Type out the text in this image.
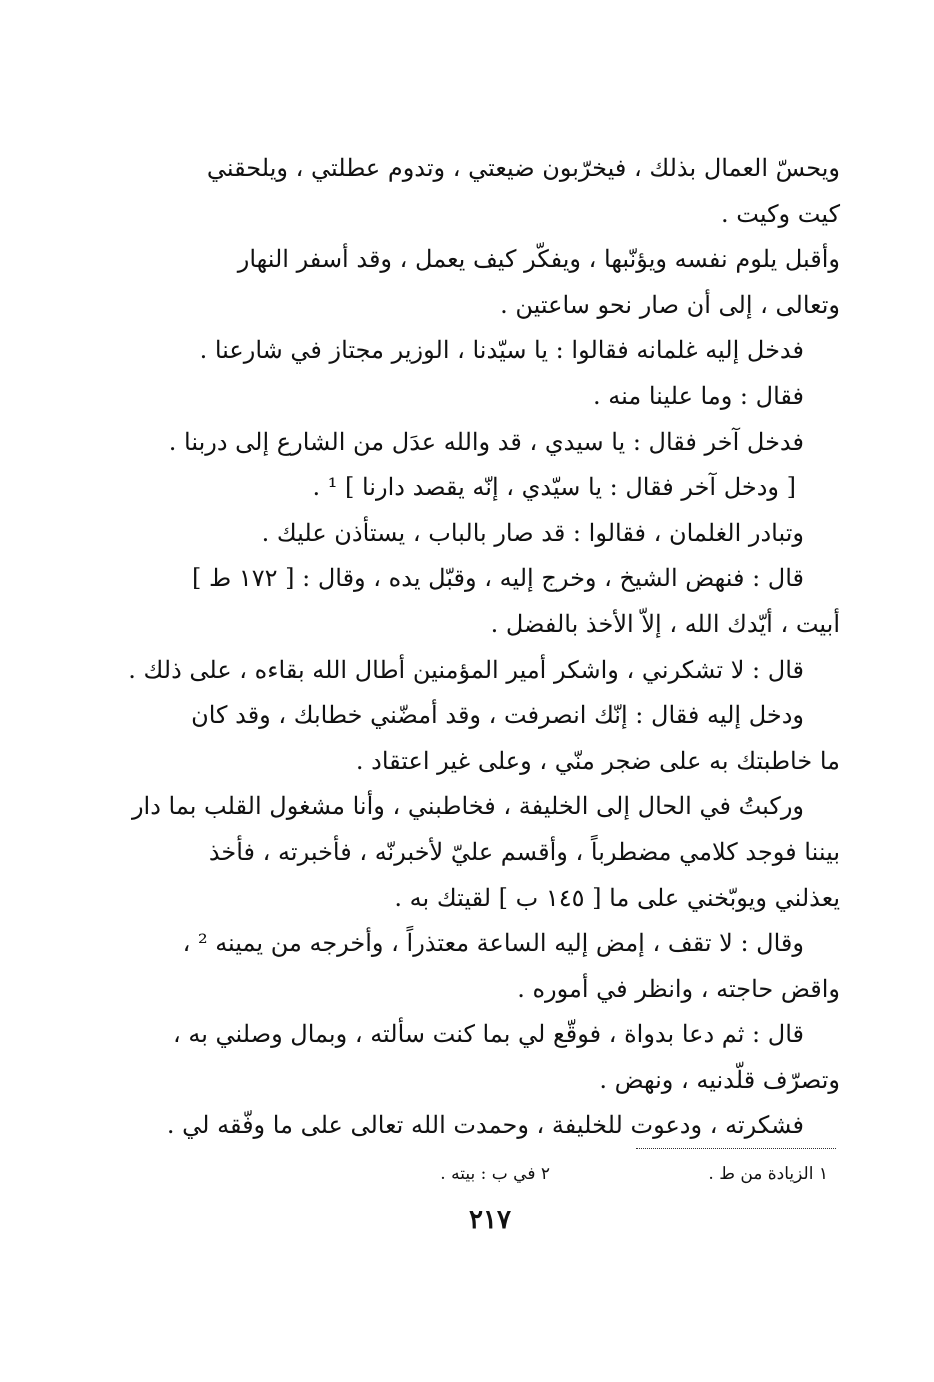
ويحسّ العمال بذلك ، فيخرّبون ضيعتي ، وتدوم عطلتي ، ويلحقني
كيت وكيت .
وأقبل يلوم نفسه ويؤنّبها ، ويفكّر كيف يعمل ، وقد أسفر النهار
وتعالى ، إلى أن صار نحو ساعتين .
فدخل إليه غلمانه فقالوا : يا سيّدنا ، الوزير مجتاز في شارعنا .
فقال : وما علينا منه .
فدخل آخر فقال : يا سيدي ، قد والله عدَل من الشارع إلى دربنا .
[ ودخل آخر فقال : يا سيّدي ، إنّه يقصد دارنا ] ¹ .
وتبادر الغلمان ، فقالوا : قد صار بالباب ، يستأذن عليك .
قال : فنهض الشيخ ، وخرج إليه ، وقبّل يده ، وقال : [ ١٧٢ ط ]
أبيت ، أيّدك الله ، إلاّ الأخذ بالفضل .
قال : لا تشكرني ، واشكر أمير المؤمنين أطال الله بقاءه ، على ذلك .
ودخل إليه فقال : إنّك انصرفت ، وقد أمضّني خطابك ، وقد كان
ما خاطبتك به على ضجر منّي ، وعلى غير اعتقاد .
وركبتُ في الحال إلى الخليفة ، فخاطبني ، وأنا مشغول القلب بما دار
بيننا فوجد كلامي مضطرباً ، وأقسم عليّ لأخبرنّه ، فأخبرته ، فأخذ
يعذلني ويوبّخني على ما [ ١٤٥ ب ] لقيتك به .
وقال : لا تقف ، إمض إليه الساعة معتذراً ، وأخرجه من يمينه ² ،
واقض حاجته ، وانظر في أموره .
قال : ثم دعا بدواة ، فوقّع لي بما كنت سألته ، وبمال وصلني به ،
وتصرّف قلّدنيه ، ونهض .
فشكرته ، ودعوت للخليفة ، وحمدت الله تعالى على ما وفّقه لي .
١ الزيادة من ط .
٢ في ب : بيته .
٢١٧
